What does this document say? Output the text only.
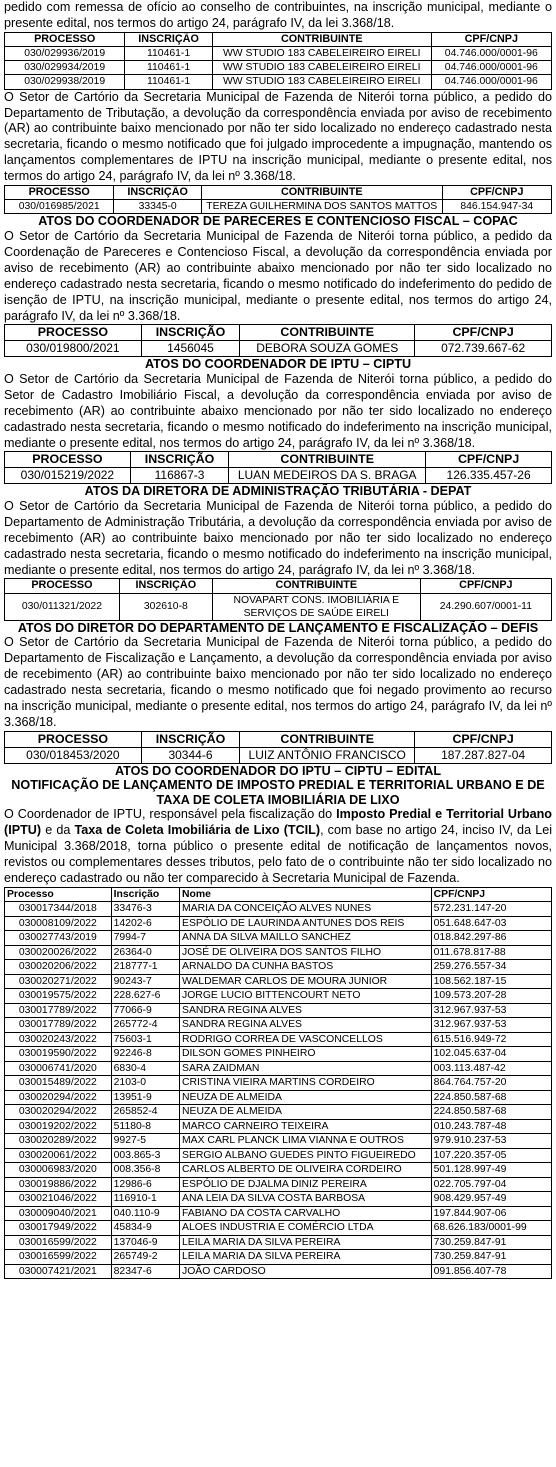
pedido com remessa de ofício ao conselho de contribuintes, na inscrição municipal, mediante o presente edital, nos termos do artigo 24, parágrafo IV, da lei 3.368/18.

PROCESSO	INSCRIÇÃO	CONTRIBUINTE	CPF/CNPJ
030/029936/2019	110461-1	WW STUDIO 183 CABELEIREIRO EIRELI	04.746.000/0001-96
030/029934/2019	110461-1	WW STUDIO 183 CABELEIREIRO EIRELI	04.746.000/0001-96
030/029938/2019	110461-1	WW STUDIO 183 CABELEIREIRO EIRELI	04.746.000/0001-96

O Setor de Cartório da Secretaria Municipal de Fazenda de Niterói torna público, a pedido do Departamento de Tributação, a devolução da correspondência enviada por aviso de recebimento (AR) ao contribuinte baixo mencionado por não ter sido localizado no endereço cadastrado nesta secretaria, ficando o mesmo notificado que foi julgado improcedente a impugnação, mantendo os lançamentos complementares de IPTU na inscrição municipal, mediante o presente edital, nos termos do artigo 24, parágrafo IV, da lei nº 3.368/18.

PROCESSO	INSCRIÇÃO	CONTRIBUINTE	CPF/CNPJ
030/016985/2021	33345-0	TEREZA GUILHERMINA DOS SANTOS MATTOS	846.154.947-34
ATOS DO COORDENADOR DE PARECERES E CONTENCIOSO FISCAL – COPAC

O Setor de Cartório da Secretaria Municipal de Fazenda de Niterói torna público, a pedido da Coordenação de Pareceres e Contencioso Fiscal, a devolução da correspondência enviada por aviso de recebimento (AR) ao contribuinte abaixo mencionado por não ter sido localizado no endereço cadastrado nesta secretaria, ficando o mesmo notificado do indeferimento do pedido de isenção de IPTU, na inscrição municipal, mediante o presente edital, nos termos do artigo 24, parágrafo IV, da lei nº 3.368/18.

PROCESSO	INSCRIÇÃO	CONTRIBUINTE	CPF/CNPJ
030/019800/2021	1456045	DEBORA SOUZA GOMES	072.739.667-62
ATOS DO COORDENADOR DE IPTU – CIPTU

O Setor de Cartório da Secretaria Municipal de Fazenda de Niterói torna público, a pedido do Setor de Cadastro Imobiliário Fiscal, a devolução da correspondência enviada por aviso de recebimento (AR) ao contribuinte abaixo mencionado por não ter sido localizado no endereço cadastrado nesta secretaria, ficando o mesmo notificado do indeferimento na inscrição municipal, mediante o presente edital, nos termos do artigo 24, parágrafo IV, da lei nº 3.368/18.

PROCESSO	INSCRIÇÃO	CONTRIBUINTE	CPF/CNPJ
030/015219/2022	116867-3	LUAN MEDEIROS DA S. BRAGA	126.335.457-26
ATOS DA DIRETORA DE ADMINISTRAÇÃO TRIBUTÁRIA - DEPAT

O Setor de Cartório da Secretaria Municipal de Fazenda de Niterói torna público, a pedido do Departamento de Administração Tributária, a devolução da correspondência enviada por aviso de recebimento (AR) ao contribuinte baixo mencionado por não ter sido localizado no endereço cadastrado nesta secretaria, ficando o mesmo notificado do indeferimento na inscrição municipal, mediante o presente edital, nos termos do artigo 24, parágrafo IV, da lei nº 3.368/18.

PROCESSO	INSCRIÇÃO	CONTRIBUINTE	CPF/CNPJ
030/011321/2022	302610-8	NOVAPART CONS. IMOBILIÁRIA E SERVIÇOS DE SAÚDE EIRELI	24.290.607/0001-11
ATOS DO DIRETOR DO DEPARTAMENTO DE LANÇAMENTO E FISCALIZAÇÃO – DEFIS

O Setor de Cartório da Secretaria Municipal de Fazenda de Niterói torna público, a pedido do Departamento de Fiscalização e Lançamento, a devolução da correspondência enviada por aviso de recebimento (AR) ao contribuinte baixo mencionado por não ter sido localizado no endereço cadastrado nesta secretaria, ficando o mesmo notificado que foi negado provimento ao recurso na inscrição municipal, mediante o presente edital, nos termos do artigo 24, parágrafo IV, da lei nº 3.368/18.

PROCESSO	INSCRIÇÃO	CONTRIBUINTE	CPF/CNPJ
030/018453/2020	30344-6	LUIZ ANTÔNIO FRANCISCO	187.287.827-04
ATOS DO COORDENADOR DO IPTU – CIPTU – EDITAL
NOTIFICAÇÃO DE LANÇAMENTO DE IMPOSTO PREDIAL E TERRITORIAL URBANO E DE TAXA DE COLETA IMOBILIÁRIA DE LIXO

O Coordenador de IPTU, responsável pela fiscalização do Imposto Predial e Territorial Urbano (IPTU) e da Taxa de Coleta Imobiliária de Lixo (TCIL), com base no artigo 24, inciso IV, da Lei Municipal 3.368/2018, torna público o presente edital de notificação de lançamentos novos, revistos ou complementares desses tributos, pelo fato de o contribuinte não ter sido localizado no endereço cadastrado ou não ter comparecido à Secretaria Municipal de Fazenda.

Processo	Inscrição	Nome	CPF/CNPJ
030017344/2018	33476-3	MARIA DA CONCEIÇÃO ALVES NUNES	572.231.147-20
030008109/2022	14202-6	ESPÓLIO DE LAURINDA ANTUNES DOS REIS	051.648.647-03
030027743/2019	7994-7	ANNA DA SILVA MAILLO SANCHEZ	018.842.297-86
030020026/2022	26364-0	JOSÉ DE OLIVEIRA DOS SANTOS FILHO	011.678.817-88
030020206/2022	218777-1	ARNALDO DA CUNHA BASTOS	259.276.557-34
030020271/2022	90243-7	WALDEMAR CARLOS DE MOURA JUNIOR	108.562.187-15
030019575/2022	228.627-6	JORGE LUCIO BITTENCOURT NETO	109.573.207-28
030017789/2022	77066-9	SANDRA REGINA ALVES	312.967.937-53
030017789/2022	265772-4	SANDRA REGINA ALVES	312.967.937-53
030020243/2022	75603-1	RODRIGO CORREA DE VASCONCELLOS	615.516.949-72
030019590/2022	92246-8	DILSON GOMES PINHEIRO	102.045.637-04
030006741/2020	6830-4	SARA ZAIDMAN	003.113.487-42
030015489/2022	2103-0	CRISTINA VIEIRA MARTINS CORDEIRO	864.764.757-20
030020294/2022	13951-9	NEUZA DE ALMEIDA	224.850.587-68
030020294/2022	265852-4	NEUZA DE ALMEIDA	224.850.587-68
030019202/2022	51180-8	MARCO CARNEIRO TEIXEIRA	010.243.787-48
030020289/2022	9927-5	MAX CARL PLANCK LIMA VIANNA E OUTROS	979.910.237-53
030020061/2022	003.865-3	SERGIO ALBANO GUEDES PINTO FIGUEIREDO	107.220.357-05
030006983/2020	008.356-8	CARLOS ALBERTO DE OLIVEIRA CORDEIRO	501.128.997-49
030019886/2022	12986-6	ESPÓLIO DE DJALMA DINIZ PEREIRA	022.705.797-04
030021046/2022	116910-1	ANA LEIA DA SILVA COSTA BARBOSA	908.429.957-49
030009040/2021	040.110-9	FABIANO DA COSTA CARVALHO	197.844.907-06
030017949/2022	45834-9	ALOES INDUSTRIA E COMÉRCIO LTDA	68.626.183/0001-99
030016599/2022	137046-9	LEILA MARIA DA SILVA PEREIRA	730.259.847-91
030016599/2022	265749-2	LEILA MARIA DA SILVA PEREIRA	730.259.847-91
030007421/2021	82347-6	JOÃO CARDOSO	091.856.407-78
